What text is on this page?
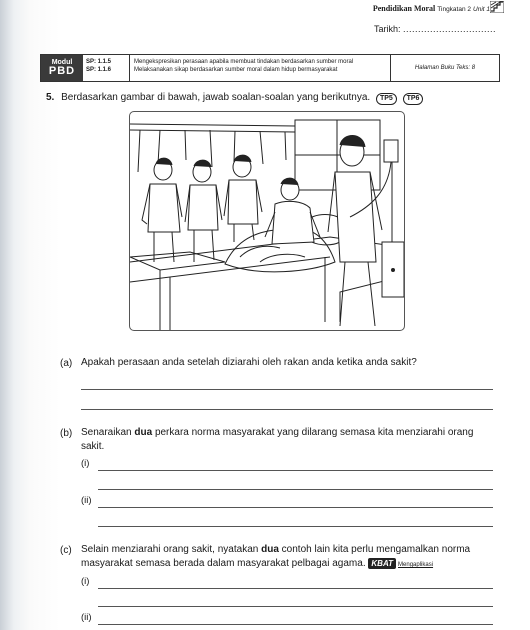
Pendidikan Moral Tingkatan 2 Unit 1
Tarikh: ...............................
Modul
PBD
SP: 1.1.5
SP: 1.1.6
Mengekspresikan perasaan apabila membuat tindakan berdasarkan sumber moral
Melaksanakan sikap berdasarkan sumber moral dalam hidup bermasyarakat	Halaman Buku Teks: 8
5. Berdasarkan gambar di bawah, jawab soalan-soalan yang berikutnya. TP5 TP6
(a) Apakah perasaan anda setelah diziarahi oleh rakan anda ketika anda sakit?
(b) Senaraikan dua perkara norma masyarakat yang dilarang semasa kita menziarahi orang sakit.
(i)
(ii)
(c) Selain menziarahi orang sakit, nyatakan dua contoh lain kita perlu mengamalkan norma masyarakat semasa berada dalam masyarakat pelbagai agama. KBAT Mengaplikasi
(i)
(ii)
